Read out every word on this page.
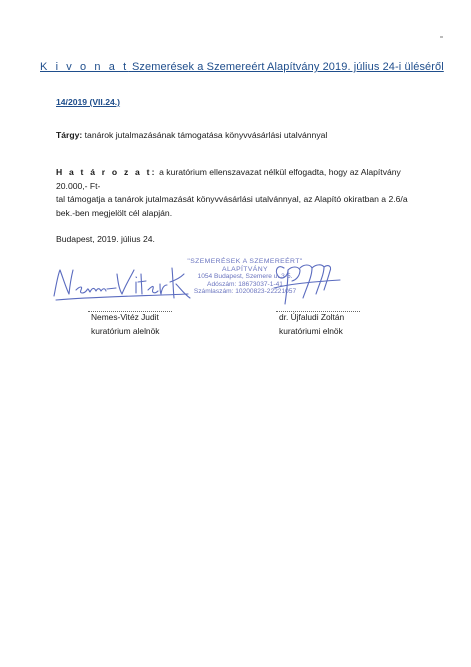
K i v o n a t Szemerések a Szemereért Alapítvány 2019. július 24-i üléséről
14/2019 (VII.24.)
Tárgy: tanárok jutalmazásának támogatása könyvvásárlási utalvánnyal
H a t á r o z a t: a kuratórium ellenszavazat nélkül elfogadta, hogy az Alapítvány 20.000,- Ft-
tal támogatja a tanárok jutalmazását könyvvásárlási utalvánnyal, az Alapító okiratban a 2.6/a
bek.-ben megjelölt cél alapján.
Budapest, 2019. július 24.
"SZEMERÉSEK A SZEMEREÉRT"
ALAPÍTVÁNY
1054 Budapest, Szemere u. 3-5.
Adószám: 18673037-1-41
Számlaszám: 10200823-22221057
Nemes-Vitéz Judit
kuratórium alelnök
dr. Újfaludi Zoltán
kuratóriumi elnök
